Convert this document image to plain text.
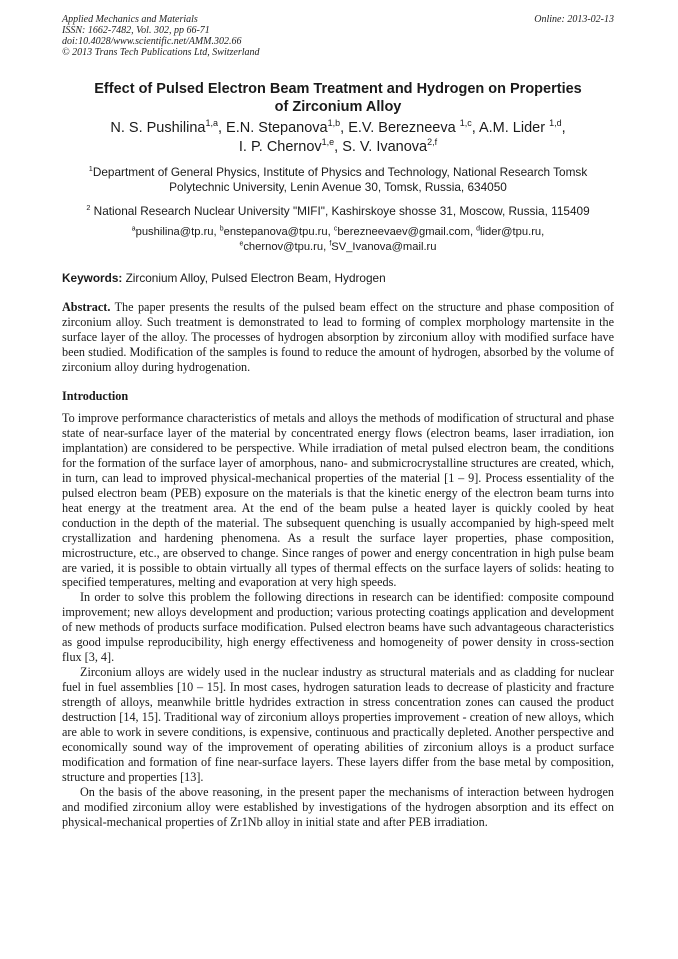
Applied Mechanics and Materials
ISSN: 1662-7482, Vol. 302, pp 66-71
doi:10.4028/www.scientific.net/AMM.302.66
© 2013 Trans Tech Publications Ltd, Switzerland
Online: 2013-02-13
Effect of Pulsed Electron Beam Treatment and Hydrogen on Properties
of Zirconium Alloy
N. S. Pushilina$^{1,a}$, E.N. Stepanova$^{1,b}$, E.V. Berezneeva $^{1,c}$, A.M. Lider $^{1,d}$,
I. P. Chernov$^{1,e}$, S. V. Ivanova$^{2,f}$
$^1$Department of General Physics, Institute of Physics and Technology, National Research Tomsk
Polytechnic University, Lenin Avenue 30, Tomsk, Russia, 634050
$^2$ National Research Nuclear University "MIFI", Kashirskoye shosse 31, Moscow, Russia, 115409
$^a$pushilina@tp.ru, $^b$enstepanova@tpu.ru, $^c$berezneevaev@gmail.com, $^d$lider@tpu.ru,
$^e$chernov@tpu.ru, $^f$SV_Ivanova@mail.ru
Keywords: Zirconium Alloy, Pulsed Electron Beam, Hydrogen

Abstract. The paper presents the results of the pulsed beam effect on the structure and phase composition of zirconium alloy. Such treatment is demonstrated to lead to forming of complex morphology martensite in the surface layer of the alloy. The processes of hydrogen absorption by zirconium alloy with modified surface have been studied. Modification of the samples is found to reduce the amount of hydrogen, absorbed by the volume of zirconium alloy during hydrogenation.

Introduction

To improve performance characteristics of metals and alloys the methods of modification of structural and phase state of near-surface layer of the material by concentrated energy flows (electron beams, laser irradiation, ion implantation) are considered to be perspective. While irradiation of metal pulsed electron beam, the conditions for the formation of the surface layer of amorphous, nano- and submicrocrystalline structures are created, which, in turn, can lead to improved physical-mechanical properties of the material [1 – 9]. Process essentiality of the pulsed electron beam (PEB) exposure on the materials is that the kinetic energy of the electron beam turns into heat energy at the treatment area. At the end of the beam pulse a heated layer is quickly cooled by heat conduction in the depth of the material. The subsequent quenching is usually accompanied by high-speed melt crystallization and hardening phenomena. As a result the surface layer properties, phase composition, microstructure, etc., are observed to change. Since ranges of power and energy concentration in high pulse beam are varied, it is possible to obtain virtually all types of thermal effects on the surface layers of solids: heating to specified temperatures, melting and evaporation at very high speeds.

In order to solve this problem the following directions in research can be identified: composite compound improvement; new alloys development and production; various protecting coatings application and development of new methods of products surface modification. Pulsed electron beams have such advantageous characteristics as good impulse reproducibility, high energy effectiveness and homogeneity of power density in cross-section flux [3, 4].

Zirconium alloys are widely used in the nuclear industry as structural materials and as cladding for nuclear fuel in fuel assemblies [10 – 15]. In most cases, hydrogen saturation leads to decrease of plasticity and fracture strength of alloys, meanwhile brittle hydrides extraction in stress concentration zones can caused the product destruction [14, 15]. Traditional way of zirconium alloys properties improvement - creation of new alloys, which are able to work in severe conditions, is expensive, continuous and practically depleted. Another perspective and economically sound way of the improvement of operating abilities of zirconium alloys is a product surface modification and formation of fine near-surface layers. These layers differ from the base metal by composition, structure and properties [13].

On the basis of the above reasoning, in the present paper the mechanisms of interaction between hydrogen and modified zirconium alloy were established by investigations of the hydrogen absorption and its effect on physical-mechanical properties of Zr1Nb alloy in initial state and after PEB irradiation.
